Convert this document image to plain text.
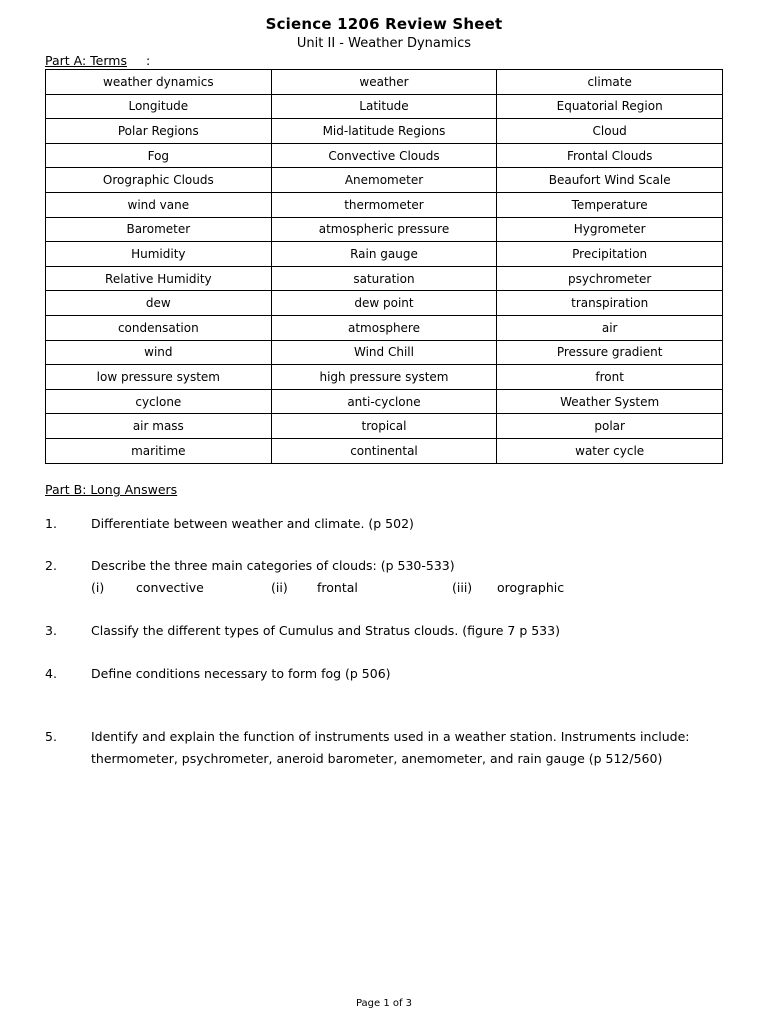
Science 1206 Review Sheet
Unit II - Weather Dynamics
Part A: Terms :
weather dynamics	weather	climate
Longitude	Latitude	Equatorial Region
Polar Regions	Mid-latitude Regions	Cloud
Fog	Convective Clouds	Frontal Clouds
Orographic Clouds	Anemometer	Beaufort Wind Scale
wind vane	thermometer	Temperature
Barometer	atmospheric pressure	Hygrometer
Humidity	Rain gauge	Precipitation
Relative Humidity	saturation	psychrometer
dew	dew point	transpiration
condensation	atmosphere	air
wind	Wind Chill	Pressure gradient
low pressure system	high pressure system	front
cyclone	anti-cyclone	Weather System
air mass	tropical	polar
maritime	continental	water cycle
Part B: Long Answers
1.	Differentiate between weather and climate. (p 502)
2.	Describe the three main categories of clouds: (p 530-533)
(i)	convective	(ii) frontal	(iii) orographic
3.	Classify the different types of Cumulus and Stratus clouds. (figure 7 p 533)
4.	Define conditions necessary to form fog (p 506)
5.	Identify and explain the function of instruments used in a weather station. Instruments include: thermometer, psychrometer, aneroid barometer, anemometer, and rain gauge (p 512/560)
Page 1 of 3
